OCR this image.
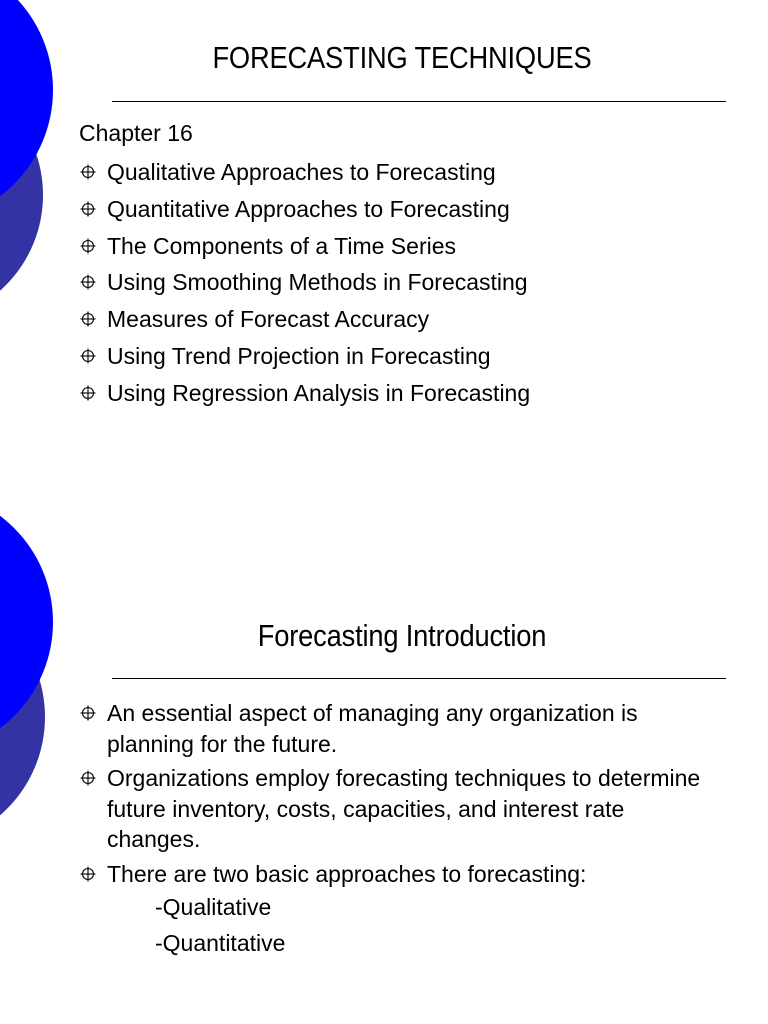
FORECASTING TECHNIQUES
Chapter 16
Qualitative Approaches to Forecasting
Quantitative Approaches to Forecasting
The Components of a Time Series
Using Smoothing Methods in Forecasting
Measures of Forecast Accuracy
Using Trend Projection in Forecasting
Using Regression Analysis in Forecasting
Forecasting Introduction
An essential aspect of managing any organization is planning for the future.
Organizations employ forecasting techniques to determine future inventory, costs, capacities, and interest rate changes.
There are two basic approaches to forecasting:
-Qualitative
-Quantitative
